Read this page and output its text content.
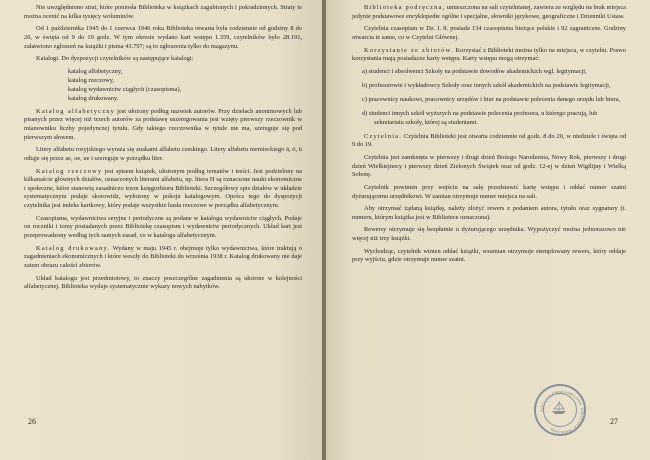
Nie uwzględniono strat, które poniosła Biblioteka w książkach zagubionych i pokradzionych. Straty te można ocenić na kilka tysięcy woluminów.

Od 1 października 1945 do 1 czerwca 1946 roku Biblioteka otwarta była codziennie od godziny 8 do 20, w święta od 9 do 19 godz. W tym okresie wydano kart wstępu 1.359, czytelników było 28.191, załatwiono zgłoszeń na książki i pisma 43.797; są to zgłoszenia tylko do magazynu.

Katalogi. Do dyspozycji czytelników są następujące katalogi:

katalog alfabetyczny,
katalog rzeczowy,
katalog wydawnictw ciągłych (czasopisma),
katalog drukowany.

Katalog alfabetyczny jest ułożony podług nazwisk autorów. Przy dziełach anonimowych lub pisanych przez więcej niż trzech autorów za podstawę uszeregowania jest wzięty pierwszy rzeczownik w mianowniku liczby pojedynczej tytułu. Gdy takiego rzeczownika w tytule nie ma, szereguje się pod pierwszym słowem.

Litery alfabetu rosyjskiego wyraża się znakami alfabetu czeskiego. Litery alfabetu niemieckiego ä, ö, ü odtąje się przez ae, oe, ue i szereguje w porządku liter.

Katalog rzeczowy jest spisem książek, ułożonym podług tematów i treści. Jest podzielony na kilkanaście głównych działów, oznaczonych literami alfabetu, np. litera H są oznaczone nauki ekonomiczne i społeczne, które stanowią zasadniczo trzon księgozbioru Biblioteki. Szczegółowy spis działów w układzie systematycznym podaje skorowidz, wyłożony w pokoju katalogowym. Oprócz tego do dyspozycji czytelnika jest indeks kartkowy, który podaje wszystkie hasła rzeczowe w porządku alfabetycznym.

Czasopisma, wydawnictwa seryjne i periodyczne są podane w katalogu wydawnictw ciągłych. Podaje on roczniki i tomy posiadanych przez Bibliotekę czasopism i wydawnictw periodycznych. Układ kart jest przeprowadzony według tych samych zasad, co w katalogu alfabetycznym.

Katalog drukowany. Wydany w maju 1945 r. obejmuje tylko wydawnictwa, które traktują o zagadnieniach ekonomicznych i które weszły do Biblioteki do września 1938 r. Katalog drukowany nie daje zatem obrazu całości zbiorów.

Układ katalogu jest przedmiotowy, to znaczy poszczególne zagadnienia są ułożone w kolejności alfabetycznej. Biblioteka wydaje systematycznie wykazy nowych nabytków.

26

Biblioteka podręczna, umieszczona na sali czytelnianej, zawiera ze względu na brak miejsca jedynie podstawowe encyklopedie ogólne i specjalne, słowniki językowe, geograficzne i Dzienniki Ustaw.

Czytelnia czasopism w Dz. I. 8. posiada 134 czasopisma bieżące polskie i 92 zagraniczne. Godziny otwarcia te same, co w Czytelni Głównej.

Korzystanie ze zbiorów. Korzystać z Biblioteki można tylko na miejscu, w czytelni. Prawo korzystania mają posiadacze karty wstępu. Karty wstępu mogą otrzymać:

a) studenci i absolwenci Szkoły na podstawie dowodów akademickich wgl. legitymacji,
b) profesorowie i wykładowcy Szkoły oraz innych szkół akademickich na podstawie legitymacji,
c) pracownicy naukowi, pracownicy urzędów i biur na podstawie polecenia danego urzędu lub biura,
d) studenci innych szkół wyższych na podstawie polecenia profesora, u którego pracują, lub sekretariatu szkoły, której są studentami.

Czytelnia. Czytelnia Biblioteki jest otwarta codziennie od godz. 8 do 20, w niedziele i święta od 9 do 19.

Czytelnia jest zamknięta w pierwszy i drugi dzień Bożego Narodzenia, Nowy Rok, pierwszy i drugi dzień Wielkiejnocy i pierwszy dzień Zielonych Świątek oraz od godz. 12-ej w dzień Wigilijny i Wielką Sobotę.

Czytelnik powinien przy wejściu na salę przedstawić kartę wstępu i oddać numer szatni dyżurującemu urzędnikowi. W zamian otrzymuje numer miejsca na sali.

Aby otrzymać żądaną książkę, należy złożyć rewers z podaniem autora, tytułu oraz sygnatury (t. numeru, którym książka jest w Bibliotece oznaczona).

Rewersy otrzymuje się bezpłatnie u dyżurującego urzędnika. Wypożyczyć można jednorazowo nie więcej niż trzy książki.

Wychodząc, czytelnik winien oddać książki, wzamian otrzymuje stemplowany rewers, który oddaje przy wyjściu, gdzie otrzymuje numer szatni.

SZKOŁA GŁÓWNA HANDLOWA · BIBLIOTEKA · WARSZAWA
27
